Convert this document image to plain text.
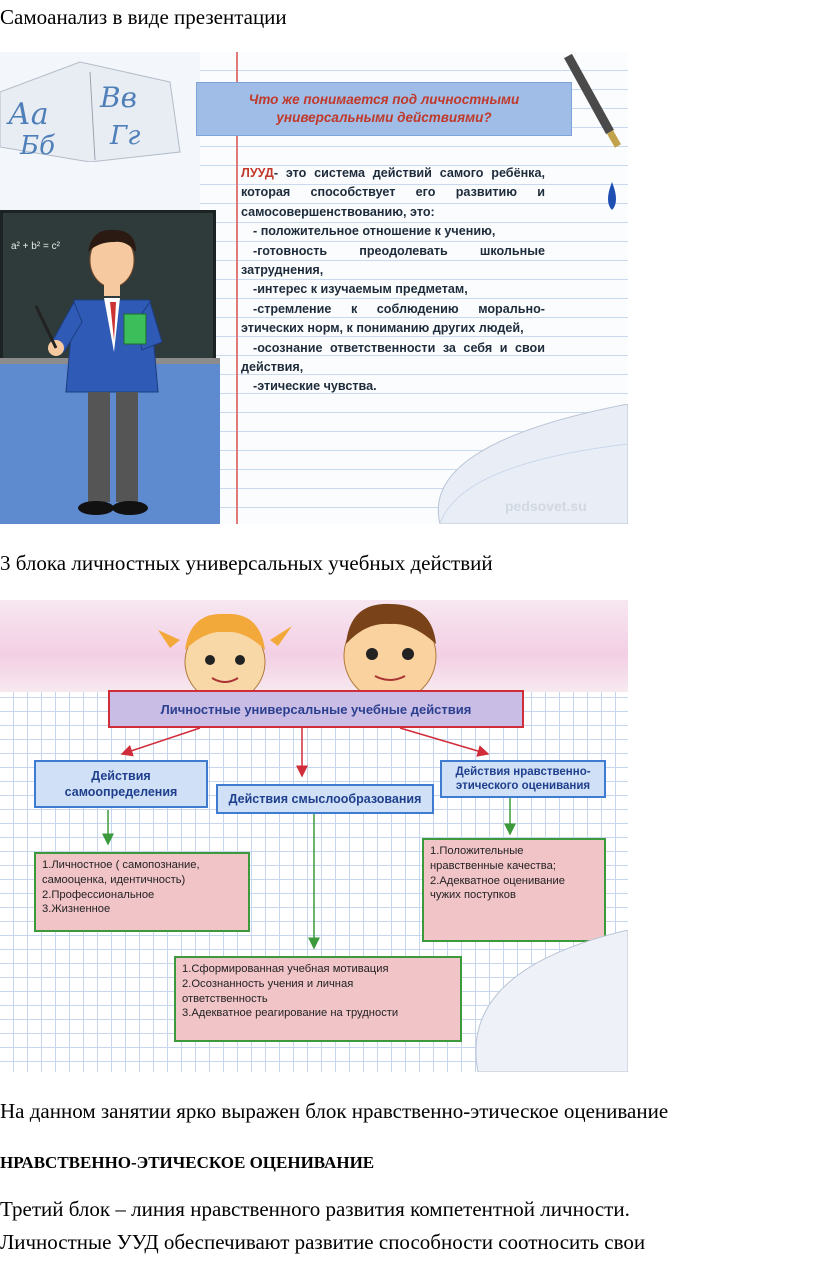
Самоанализ в виде презентации
Аа Вв
Бб Гг
a² + b² = c²
Что же понимается под личностными универсальными действиями?

ЛУУД- это система действий самого ребёнка, которая способствует его развитию и самосовершенствованию, это:

- положительное отношение к учению,

-готовность преодолевать школьные затруднения,

-интерес к изучаемым предметам,

-стремление к соблюдению морально-этических норм, к пониманию других людей,

-осознание ответственности за себя и свои действия,

-этические чувства.

pedsovet.su
3 блока личностных универсальных учебных действий
Личностные универсальные учебные действия
Действия самоопределения	Действия смыслообразования
Действия нравственно-этического оценивания
1.Личностное ( самопознание,
самооценка, идентичность)
2.Профессиональное
3.Жизненное
1.Положительные
нравственные качества;
2.Адекватное оценивание
чужих поступков
1.Сформированная учебная мотивация
2.Осознанность учения и личная
ответственность
3.Адекватное реагирование на трудности
На данном занятии ярко выражен блок нравственно-этическое оценивание
НРАВСТВЕННО-ЭТИЧЕСКОЕ ОЦЕНИВАНИЕ
Третий блок – линия нравственного развития компетентной личности.
Личностные УУД обеспечивают развитие способности соотносить свои
